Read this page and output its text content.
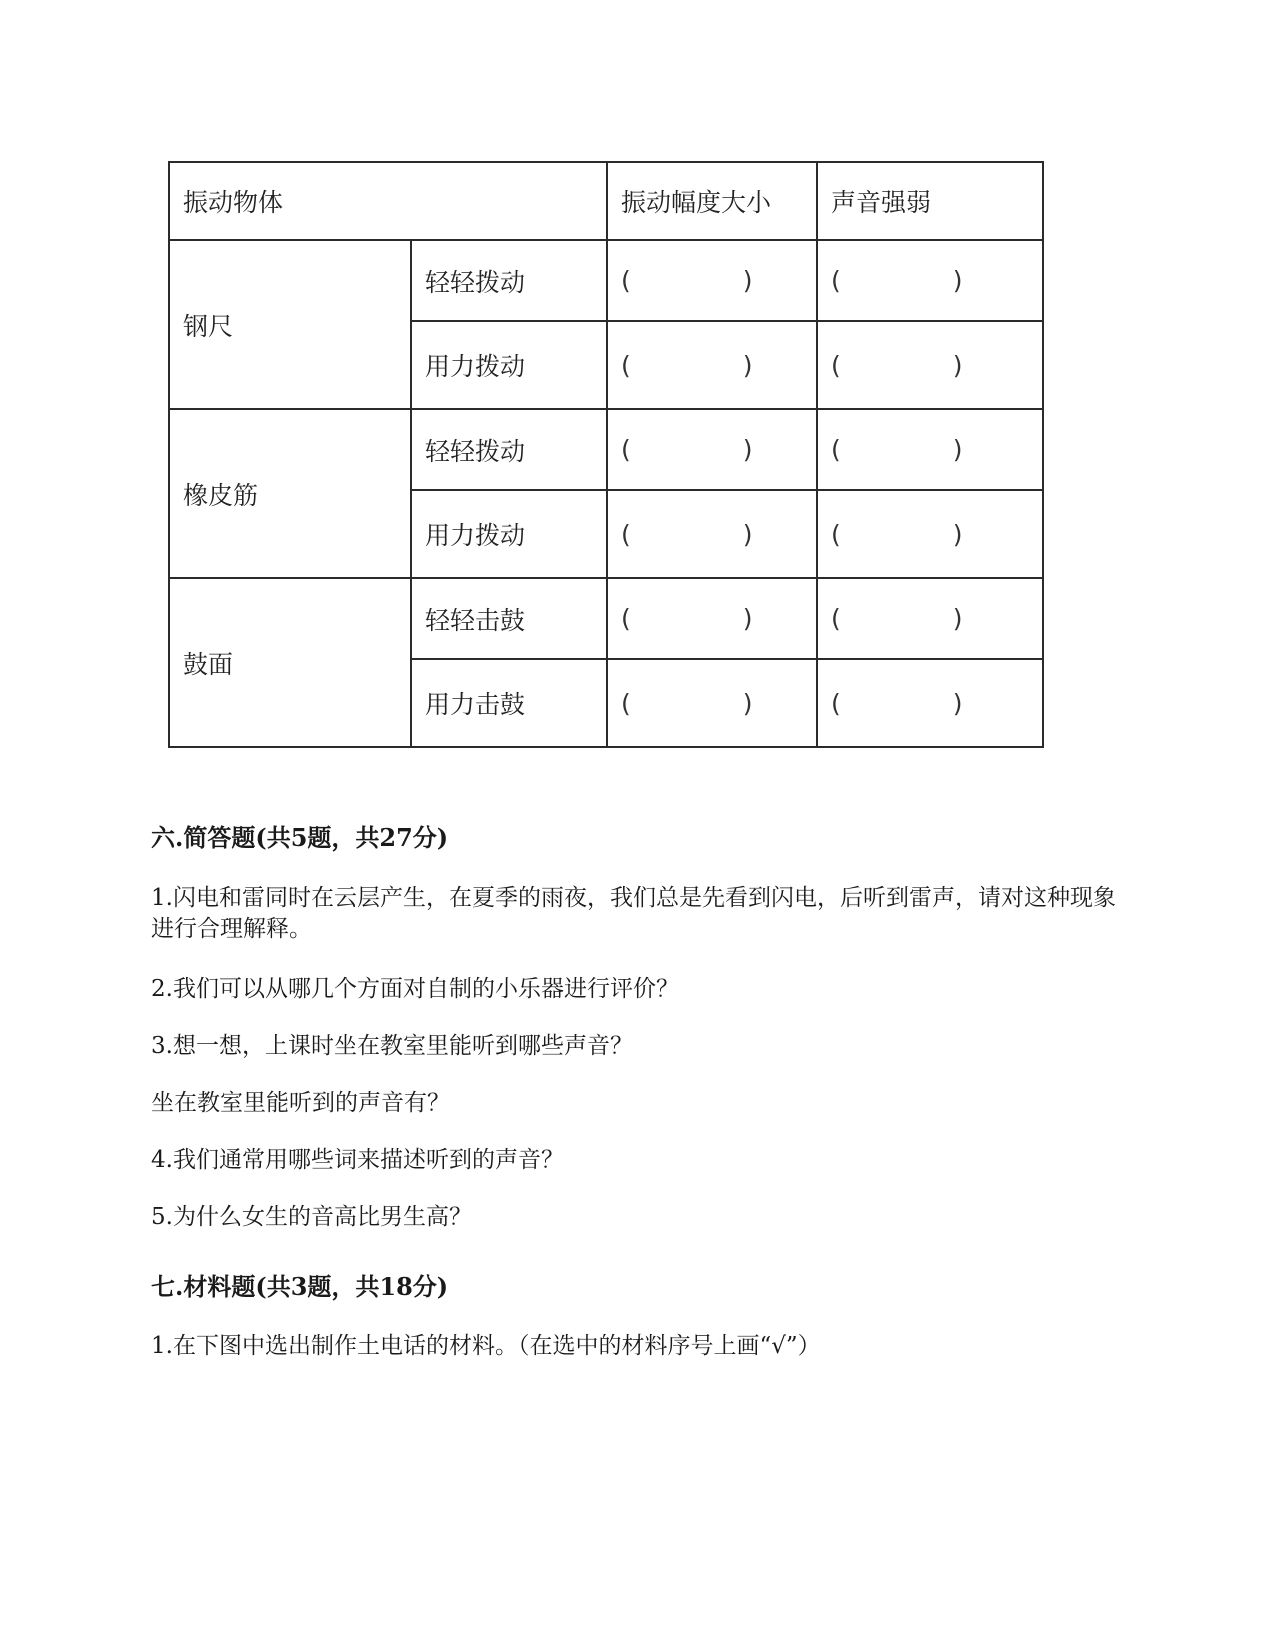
振动物体		振动幅度大小	声音强弱
钢尺	轻轻拨动	( )	( )
	用力拨动	( )	( )
橡皮筋	轻轻拨动	( )	( )
	用力拨动	( )	( )
鼓面	轻轻击鼓	( )	( )
	用力击鼓	( )	( )
六.简答题(共5题，共27分)

1.闪电和雷同时在云层产生，在夏季的雨夜，我们总是先看到闪电，后听到雷声，请对这种现象进行合理解释。

2.我们可以从哪几个方面对自制的小乐器进行评价？

3.想一想，上课时坐在教室里能听到哪些声音？

坐在教室里能听到的声音有？

4.我们通常用哪些词来描述听到的声音？

5.为什么女生的音高比男生高？

七.材料题(共3题，共18分)

1.在下图中选出制作土电话的材料。（在选中的材料序号上画“√”）
